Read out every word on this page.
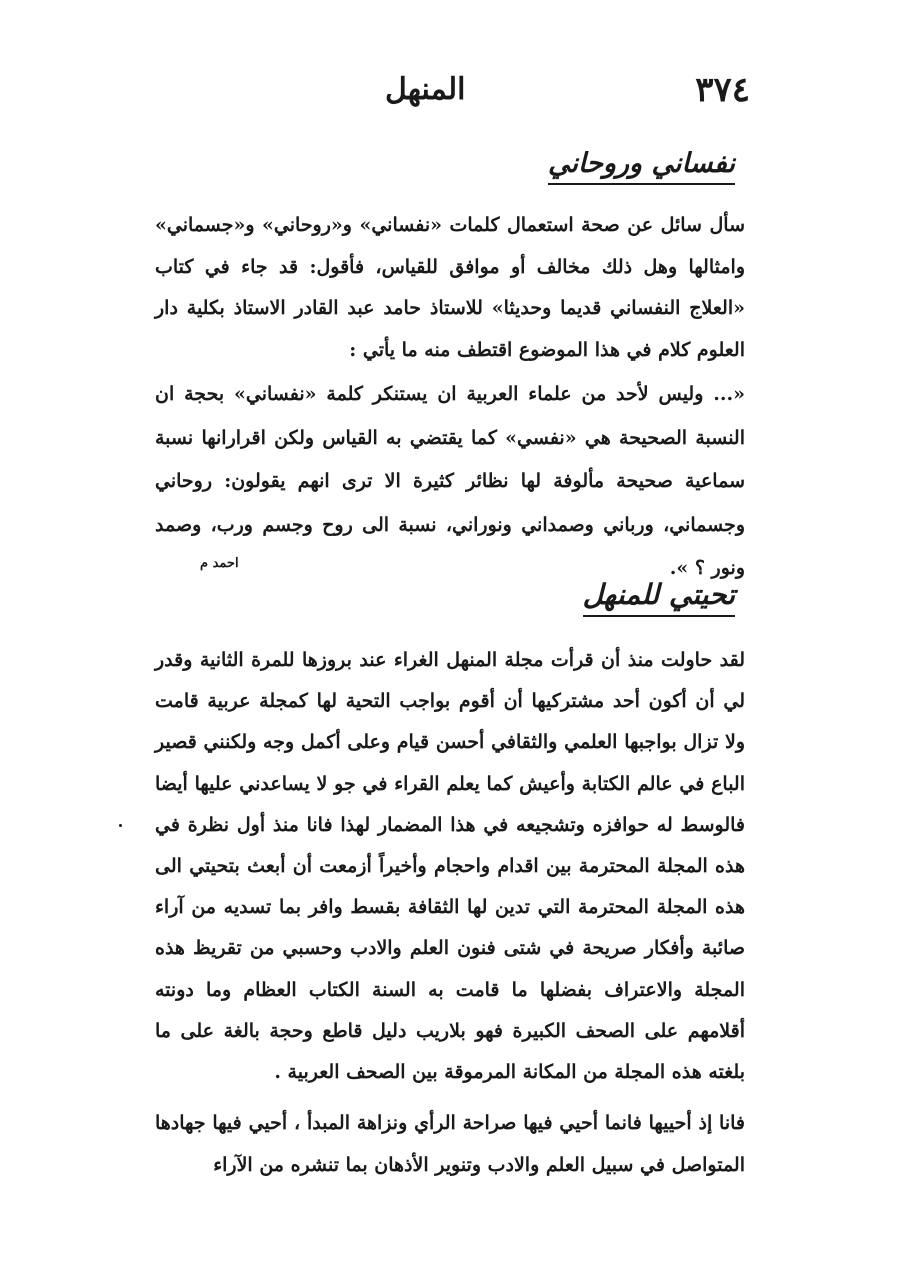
٣٧٤
المنهل
نفساني وروحاني

سأل سائل عن صحة استعمال كلمات «نفساني» و«روحاني» و«جسماني» وامثالها وهل ذلك مخالف أو موافق للقياس، فأقول: قد جاء في كتاب «العلاج النفساني قديما وحديثا» للاستاذ حامد عبد القادر الاستاذ بكلية دار العلوم كلام في هذا الموضوع اقتطف منه ما يأتي :

«... وليس لأحد من علماء العربية ان يستنكر كلمة «نفساني» بحجة ان النسبة الصحيحة هي «نفسي» كما يقتضي به القياس ولكن اقرارانها نسبة سماعية صحيحة مألوفة لها نظائر كثيرة الا ترى انهم يقولون: روحاني وجسماني، ورباني وصمداني ونوراني، نسبة الى روح وجسم ورب، وصمد ونور ؟ ».

احمد م
تحيتي للمنهل

لقد حاولت منذ أن قرأت مجلة المنهل الغراء عند بروزها للمرة الثانية وقدر لي أن أكون أحد مشتركيها أن أقوم بواجب التحية لها كمجلة عربية قامت ولا تزال بواجبها العلمي والثقافي أحسن قيام وعلى أكمل وجه ولكنني قصير الباع في عالم الكتابة وأعيش كما يعلم القراء في جو لا يساعدني عليها أيضا فالوسط له حوافزه وتشجيعه في هذا المضمار لهذا فانا منذ أول نظرة في هذه المجلة المحترمة بين اقدام واحجام وأخيراً أزمعت أن أبعث بتحيتي الى هذه المجلة المحترمة التي تدين لها الثقافة بقسط وافر بما تسديه من آراء صائبة وأفكار صريحة في شتى فنون العلم والادب وحسبي من تقريظ هذه المجلة والاعتراف بفضلها ما قامت به السنة الكتاب العظام وما دونته أقلامهم على الصحف الكبيرة فهو بلاريب دليل قاطع وحجة بالغة على ما بلغته هذه المجلة من المكانة المرموقة بين الصحف العربية .

فانا إذ أحييها فانما أحيي فيها صراحة الرأي ونزاهة المبدأ ، أحيي فيها جهادها المتواصل في سبيل العلم والادب وتنوير الأذهان بما تنشره من الآراء
